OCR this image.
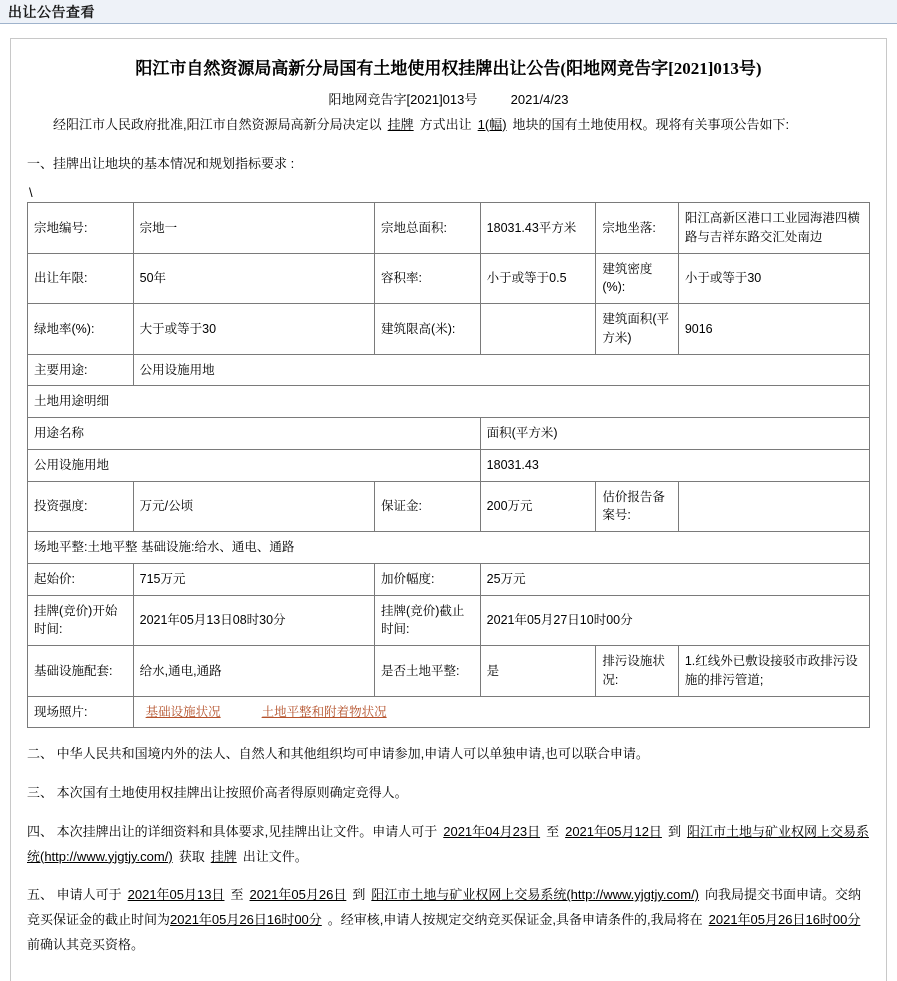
出让公告查看
阳江市自然资源局高新分局国有土地使用权挂牌出让公告(阳地网竞告字[2021]013号)
阳地网竞告字[2021]013号	2021/4/23

经阳江市人民政府批准,阳江市自然资源局高新分局决定以 挂牌 方式出让 1(幅) 地块的国有土地使用权。现将有关事项公告如下:

一、挂牌出让地块的基本情况和规划指标要求 :
\
宗地编号:	宗地一	宗地总面积:	18031.43平方米	宗地坐落:	阳江高新区港口工业园海港四横路与吉祥东路交汇处南边
出让年限:	50年	容积率:	小于或等于0.5	建筑密度(%):	小于或等于30
绿地率(%):	大于或等于30	建筑限高(米):		建筑面积(平方米)	9016
主要用途:	公用设施用地				
土地用途明细					
用途名称			面积(平方米)		
公用设施用地			18031.43		
投资强度:	万元/公顷	保证金:	200万元	估价报告备案号:	
场地平整:土地平整 基础设施:给水、通电、通路					
起始价:	715万元	加价幅度:	25万元		
挂牌(竞价)开始时间:	2021年05月13日08时30分	挂牌(竞价)截止时间:	2021年05月27日10时00分		
基础设施配套:	给水,通电,通路	是否土地平整:	是	排污设施状况:	1.红线外已敷设接驳市政排污设施的排污管道;
现场照片:	基础设施状况 土地平整和附着物状况				
二、 中华人民共和国境内外的法人、自然人和其他组织均可申请参加,申请人可以单独申请,也可以联合申请。
三、 本次国有土地使用权挂牌出让按照价高者得原则确定竞得人。
四、 本次挂牌出让的详细资料和具体要求,见挂牌出让文件。申请人可于 2021年04月23日 至 2021年05月12日 到 阳江市土地与矿业权网上交易系统(http://www.yjgtjy.com/) 获取 挂牌 出让文件。
五、 申请人可于 2021年05月13日 至 2021年05月26日 到 阳江市土地与矿业权网上交易系统(http://www.yjgtjy.com/) 向我局提交书面申请。交纳竞买保证金的截止时间为2021年05月26日16时00分 。经审核,申请人按规定交纳竞买保证金,具备申请条件的,我局将在 2021年05月26日16时00分前确认其竞买资格。
